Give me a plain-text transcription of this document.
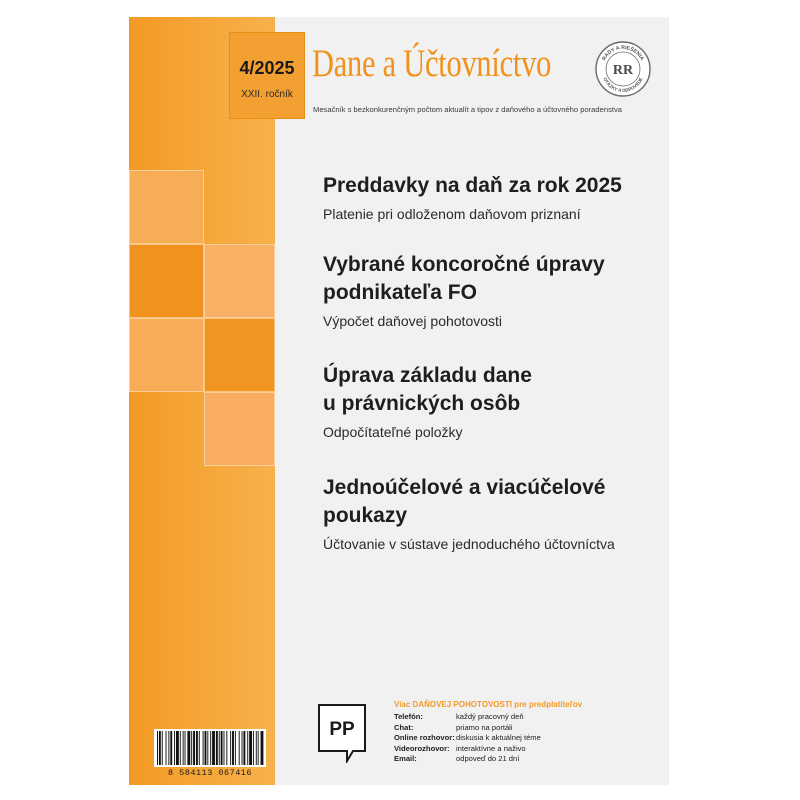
4/2025
XXII. ročník
Dane a Účtovníctvo	RADY A RIEŠENIA
OTÁZKY A ODPOVEDE
RR
Mesačník s bezkonkurenčným počtom aktualít a tipov z daňového a účtovného poradenstva
Preddavky na daň za rok 2025
Platenie pri odloženom daňovom priznaní
Vybrané koncoročné úpravy
podnikateľa FO
Výpočet daňovej pohotovosti
Úprava základu dane
u právnických osôb
Odpočítateľné položky
Jednoúčelové a viacúčelové
poukazy
Účtovanie v sústave jednoduchého účtovníctva
8 584113 067416
PP
Viac DAŇOVEJ POHOTOVOSTI pre predplatiteľov
Telefón:	každý pracovný deň
Chat:	priamo na portáli
Online rozhovor:	diskusia k aktuálnej téme
Videorozhovor:	interaktívne a naživo
Email:	odpoveď do 21 dní
